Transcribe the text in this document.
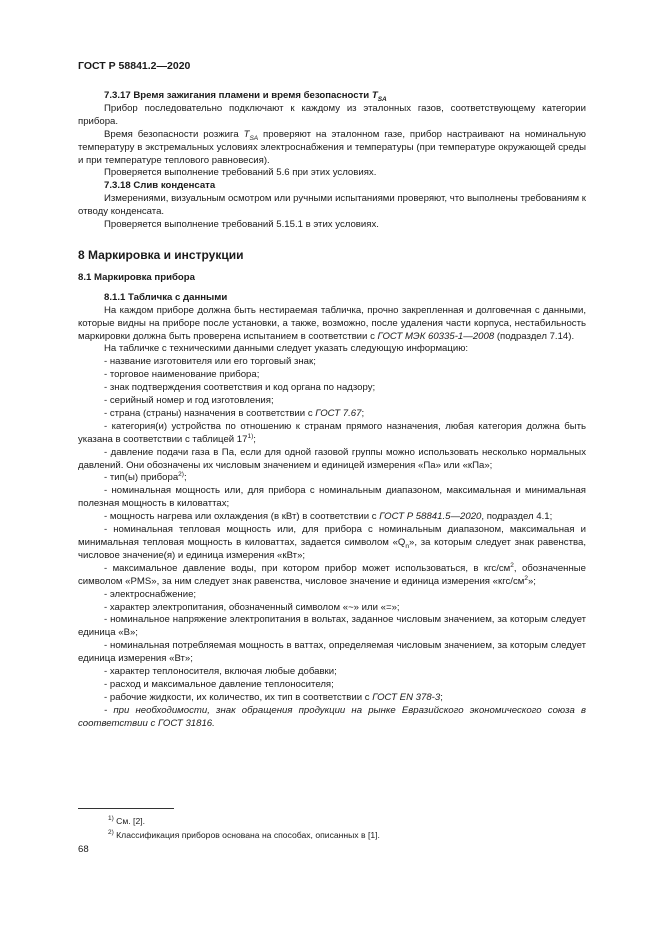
ГОСТ Р 58841.2—2020

7.3.17 Время зажигания пламени и время безопасности $T_{SA}$

Прибор последовательно подключают к каждому из эталонных газов, соответствующему категории прибора.

Время безопасности розжига $T_{SA}$ проверяют на эталонном газе, прибор настраивают на номинальную температуру в экстремальных условиях электроснабжения и температуры (при температуре окружающей среды и при температуре теплового равновесия).

Проверяется выполнение требований 5.6 при этих условиях.

7.3.18 Слив конденсата

Измерениями, визуальным осмотром или ручными испытаниями проверяют, что выполнены требованиям к отводу конденсата.

Проверяется выполнение требований 5.15.1 в этих условиях.

8 Маркировка и инструкции

8.1 Маркировка прибора

8.1.1 Табличка с данными

На каждом приборе должна быть нестираемая табличка, прочно закрепленная и долговечная с данными, которые видны на приборе после установки, а также, возможно, после удаления части корпуса, нестабильность маркировки должна быть проверена испытанием в соответствии с ГОСТ МЭК 60335-1—2008 (подраздел 7.14).

На табличке с техническими данными следует указать следующую информацию:

- название изготовителя или его торговый знак;

- торговое наименование прибора;

- знак подтверждения соответствия и код органа по надзору;

- серийный номер и год изготовления;

- страна (страны) назначения в соответствии с ГОСТ 7.67;

- категория(и) устройства по отношению к странам прямого назначения, любая категория должна быть указана в соответствии с таблицей 17$^{1)}$;

- давление подачи газа в Па, если для одной газовой группы можно использовать несколько нормальных давлений. Они обозначены их числовым значением и единицей измерения «Па» или «кПа»;

- тип(ы) прибора$^{2)}$;

- номинальная мощность или, для прибора с номинальным диапазоном, максимальная и минимальная полезная мощность в киловаттах;

- мощность нагрева или охлаждения (в кВт) в соответствии с ГОСТ Р 58841.5—2020, подраздел 4.1;

- номинальная тепловая мощность или, для прибора с номинальным диапазоном, максимальная и минимальная тепловая мощность в киловаттах, задается символом «$Q_n$», за которым следует знак равенства, числовое значение(я) и единица измерения «кВт»;

- максимальное давление воды, при котором прибор может использоваться, в кгс/$см^2$, обозначенные символом «PMS», за ним следует знак равенства, числовое значение и единица измерения «$кгс/см^2$»;

- электроснабжение;

- характер электропитания, обозначенный символом «~» или «=»;

- номинальное напряжение электропитания в вольтах, заданное числовым значением, за которым следует единица «В»;

- номинальная потребляемая мощность в ваттах, определяемая числовым значением, за которым следует единица измерения «Вт»;

- характер теплоносителя, включая любые добавки;

- расход и максимальное давление теплоносителя;

- рабочие жидкости, их количество, их тип в соответствии с ГОСТ EN 378-3;

- при необходимости, знак обращения продукции на рынке Евразийского экономического союза в соответствии с ГОСТ 31816.

$^{1)}$ См. [2].
$^{2)}$ Классификация приборов основана на способах, описанных в [1].
68
